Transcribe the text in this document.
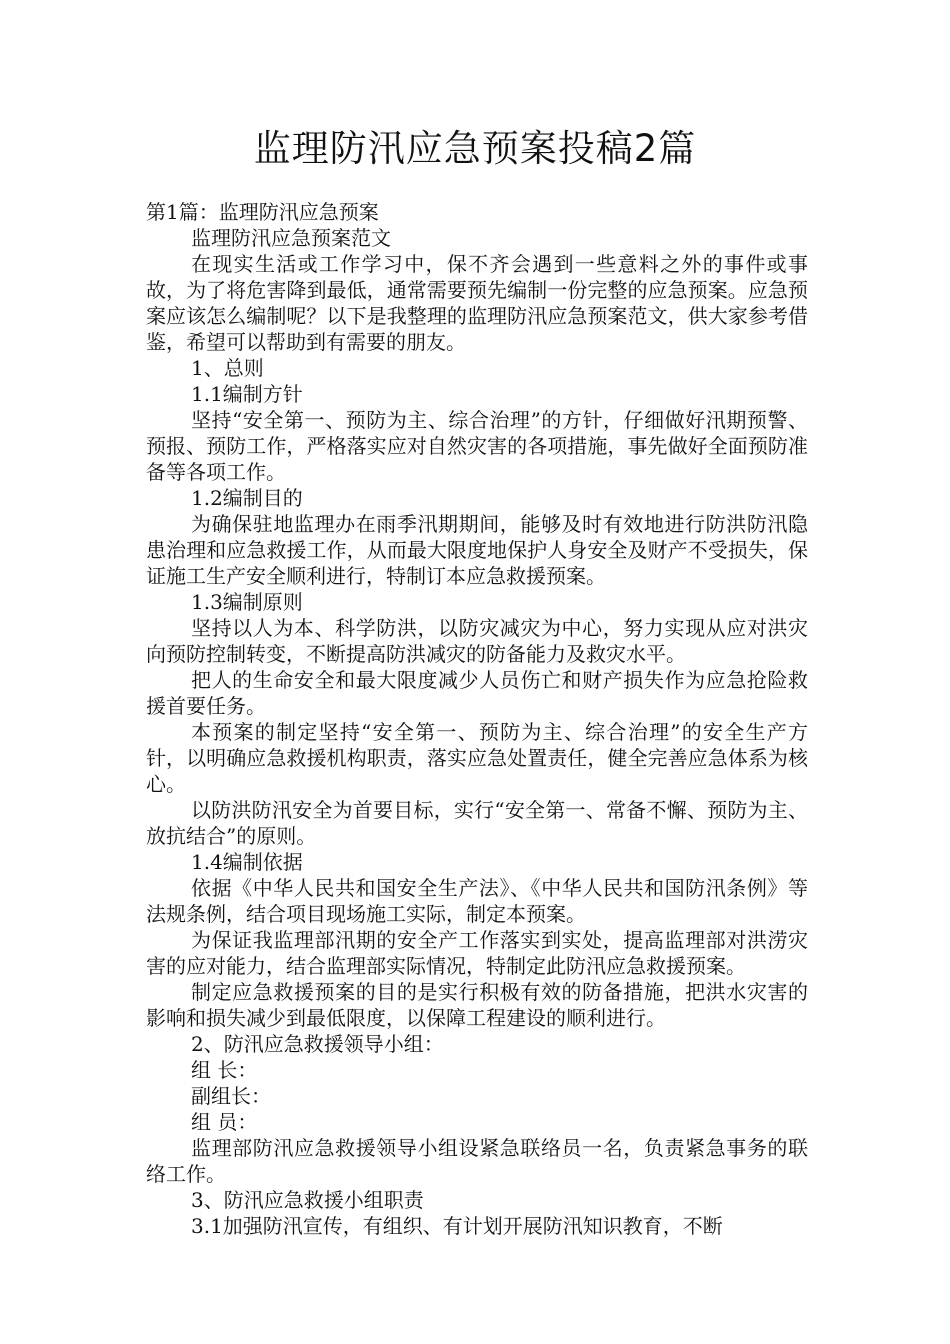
监理防汛应急预案投稿2篇

第1篇：监理防汛应急预案

监理防汛应急预案范文

在现实生活或工作学习中，保不齐会遇到一些意料之外的事件或事故，为了将危害降到最低，通常需要预先编制一份完整的应急预案。应急预案应该怎么编制呢？以下是我整理的监理防汛应急预案范文，供大家参考借鉴，希望可以帮助到有需要的朋友。

1、总则

1.1编制方针

坚持“安全第一、预防为主、综合治理”的方针，仔细做好汛期预警、预报、预防工作，严格落实应对自然灾害的各项措施，事先做好全面预防准备等各项工作。

1.2编制目的

为确保驻地监理办在雨季汛期期间，能够及时有效地进行防洪防汛隐患治理和应急救援工作，从而最大限度地保护人身安全及财产不受损失，保证施工生产安全顺利进行，特制订本应急救援预案。

1.3编制原则

坚持以人为本、科学防洪，以防灾减灾为中心，努力实现从应对洪灾向预防控制转变，不断提高防洪减灾的防备能力及救灾水平。

把人的生命安全和最大限度减少人员伤亡和财产损失作为应急抢险救援首要任务。

本预案的制定坚持“安全第一、预防为主、综合治理”的安全生产方针，以明确应急救援机构职责，落实应急处置责任，健全完善应急体系为核心。

以防洪防汛安全为首要目标，实行“安全第一、常备不懈、预防为主、放抗结合”的原则。

1.4编制依据

依据《中华人民共和国安全生产法》、《中华人民共和国防汛条例》等法规条例，结合项目现场施工实际，制定本预案。

为保证我监理部汛期的安全产工作落实到实处，提高监理部对洪涝灾害的应对能力，结合监理部实际情况，特制定此防汛应急救援预案。

制定应急救援预案的目的是实行积极有效的防备措施，把洪水灾害的影响和损失减少到最低限度，以保障工程建设的顺利进行。

2、防汛应急救援领导小组：

组 长：

副组长：

组 员：

监理部防汛应急救援领导小组设紧急联络员一名，负责紧急事务的联络工作。

3、防汛应急救援小组职责

3.1加强防汛宣传，有组织、有计划开展防汛知识教育，不断
